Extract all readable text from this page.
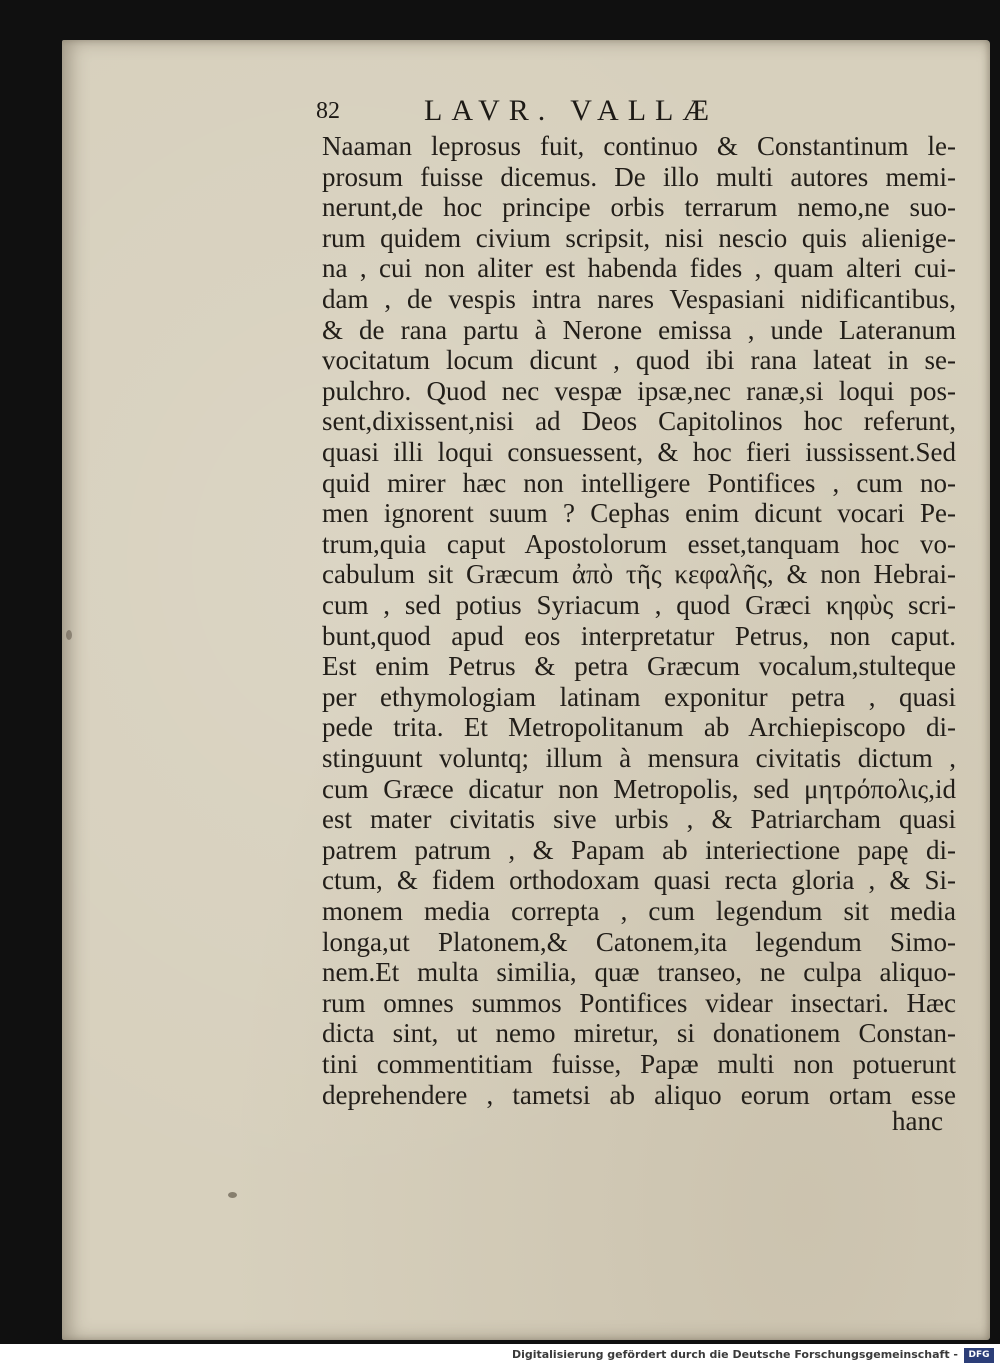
82	LAVR. VALLÆ
Naaman leprosus fuit, continuo & Constantinum le-
prosum fuisse dicemus. De illo multi autores memi-
nerunt,de hoc principe orbis terrarum nemo,ne suo-
rum quidem civium scripsit, nisi nescio quis alienige-
na , cui non aliter est habenda fides , quam alteri cui-
dam , de vespis intra nares Vespasiani nidificantibus,
& de rana partu à Nerone emissa , unde Lateranum
vocitatum locum dicunt , quod ibi rana lateat in se-
pulchro. Quod nec vespæ ipsæ,nec ranæ,si loqui pos-
sent,dixissent,nisi ad Deos Capitolinos hoc referunt,
quasi illi loqui consuessent, & hoc fieri iussissent.Sed
quid mirer hæc non intelligere Pontifices , cum no-
men ignorent suum ? Cephas enim dicunt vocari Pe-
trum,quia caput Apostolorum esset,tanquam hoc vo-
cabulum sit Græcum ἀπὸ τῆς κεφαλῆς, & non Hebrai-
cum , sed potius Syriacum , quod Græci κηφὺς scri-
bunt,quod apud eos interpretatur Petrus, non caput.
Est enim Petrus & petra Græcum vocalum,stulteque
per ethymologiam latinam exponitur petra , quasi
pede trita. Et Metropolitanum ab Archiepiscopo di-
stinguunt voluntq; illum à mensura civitatis dictum ,
cum Græce dicatur non Metropolis, sed μητρόπολις,id
est mater civitatis sive urbis , & Patriarcham quasi
patrem patrum , & Papam ab interiectione papę di-
ctum, & fidem orthodoxam quasi recta gloria , & Si-
monem media correpta , cum legendum sit media
longa,ut Platonem,& Catonem,ita legendum Simo-
nem.Et multa similia, quæ transeo, ne culpa aliquo-
rum omnes summos Pontifices videar insectari. Hæc
dicta sint, ut nemo miretur, si donationem Constan-
tini commentitiam fuisse, Papæ multi non potuerunt
deprehendere , tametsi ab aliquo eorum ortam esse
hanc
Digitalisierung gefördert durch die Deutsche Forschungsgemeinschaft -	DFG
